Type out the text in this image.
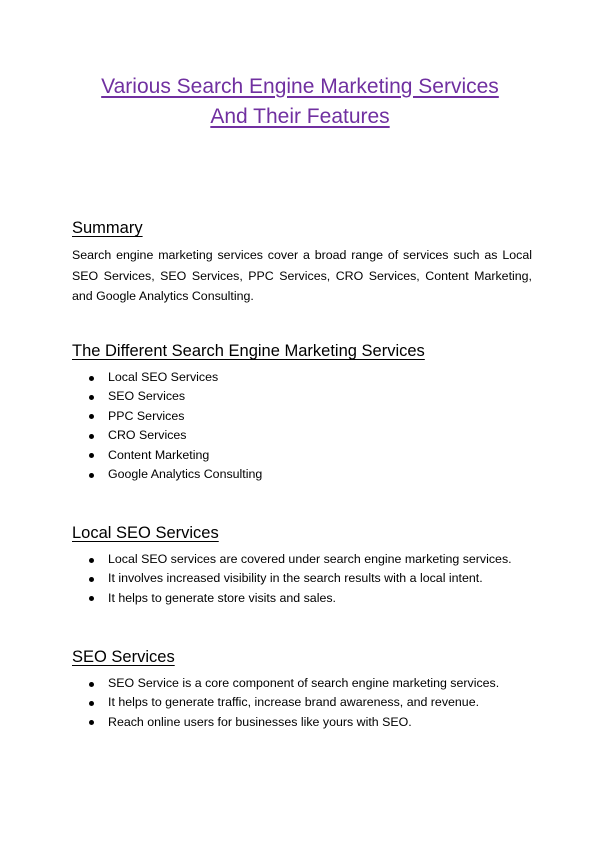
Various Search Engine Marketing Services
And Their Features
Summary

Search engine marketing services cover a broad range of services such as Local SEO Services, SEO Services, PPC Services, CRO Services, Content Marketing, and Google Analytics Consulting.

The Different Search Engine Marketing Services
Local SEO Services
SEO Services
PPC Services
CRO Services
Content Marketing
Google Analytics Consulting
Local SEO Services
Local SEO services are covered under search engine marketing services.
It involves increased visibility in the search results with a local intent.
It helps to generate store visits and sales.
SEO Services
SEO Service is a core component of search engine marketing services.
It helps to generate traffic, increase brand awareness, and revenue.
Reach online users for businesses like yours with SEO.
